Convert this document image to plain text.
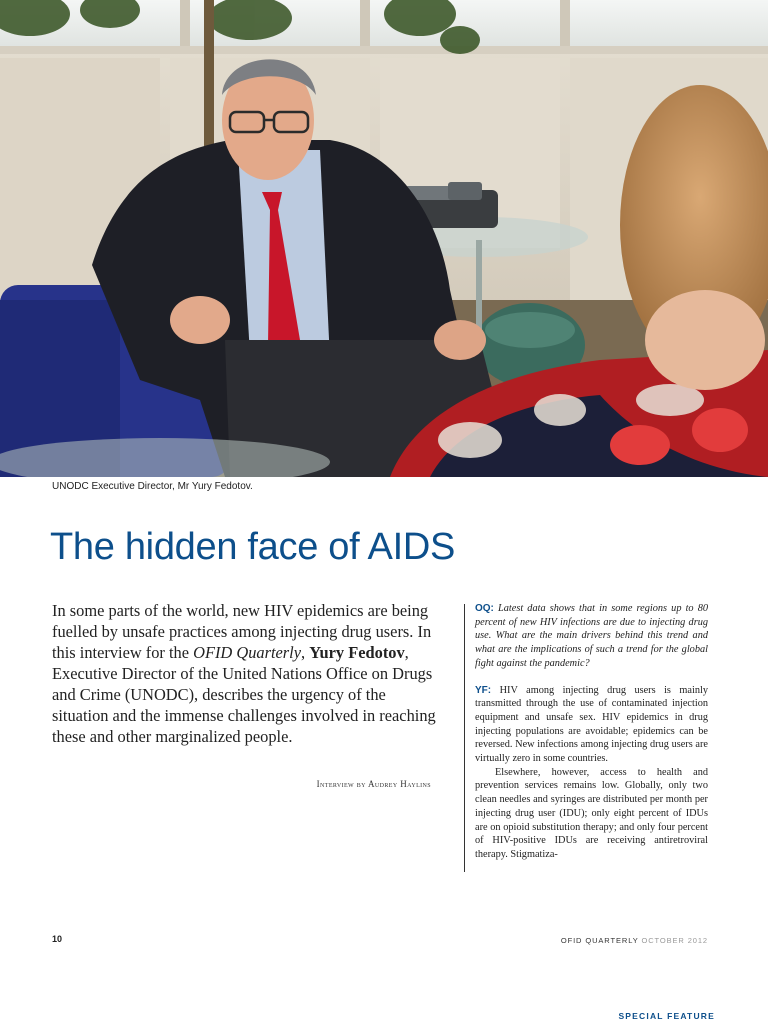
UNODC Executive Director, Mr Yury Fedotov.
The hidden face of AIDS
In some parts of the world, new HIV epidemics are being fuelled by unsafe practices among injecting drug users. In this interview for the OFID Quarterly, Yury Fedotov, Executive Director of the United Nations Office on Drugs and Crime (UNODC), describes the urgency of the situation and the immense challenges involved in reaching these and other marginalized people.
Interview by Audrey Haylins

OQ: Latest data shows that in some regions up to 80 percent of new HIV infections are due to injecting drug use. What are the main drivers behind this trend and what are the implications of such a trend for the global fight against the pandemic?

YF: HIV among injecting drug users is mainly transmitted through the use of contaminated injection equipment and unsafe sex. HIV epidemics in drug injecting populations are avoidable; epidemics can be reversed. New infections among injecting drug users are virtually zero in some countries.

Elsewhere, however, access to health and prevention services remains low. Globally, only two clean needles and syringes are distributed per month per injecting drug user (IDU); only eight percent of IDUs are on opioid substitution therapy; and only four percent of HIV-positive IDUs are receiving antiretroviral therapy. Stigmatiza-

10	OFID QUARTERLY OCTOBER 2012
SPECIAL FEATURE
